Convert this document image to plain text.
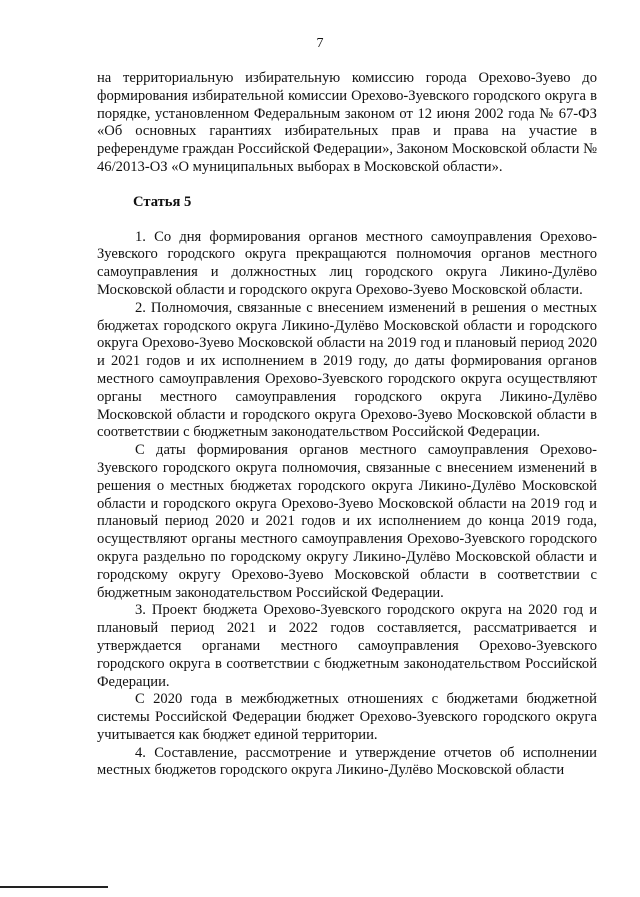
7

на территориальную избирательную комиссию города Орехово-Зуево до формирования избирательной комиссии Орехово-Зуевского городского округа в порядке, установленном Федеральным законом от 12 июня 2002 года № 67-ФЗ «Об основных гарантиях избирательных прав и права на участие в референдуме граждан Российской Федерации», Законом Московской области № 46/2013-ОЗ «О муниципальных выборах в Московской области».

Статья 5

1. Со дня формирования органов местного самоуправления Орехово-Зуевского городского округа прекращаются полномочия органов местного самоуправления и должностных лиц городского округа Ликино-Дулёво Московской области и городского округа Орехово-Зуево Московской области.

2. Полномочия, связанные с внесением изменений в решения о местных бюджетах городского округа Ликино-Дулёво Московской области и городского округа Орехово-Зуево Московской области на 2019 год и плановый период 2020 и 2021 годов и их исполнением в 2019 году, до даты формирования органов местного самоуправления Орехово-Зуевского городского округа осуществляют органы местного самоуправления городского округа Ликино-Дулёво Московской области и городского округа Орехово-Зуево Московской области в соответствии с бюджетным законодательством Российской Федерации.

С даты формирования органов местного самоуправления Орехово-Зуевского городского округа полномочия, связанные с внесением изменений в решения о местных бюджетах городского округа Ликино-Дулёво Московской области и городского округа Орехово-Зуево Московской области на 2019 год и плановый период 2020 и 2021 годов и их исполнением до конца 2019 года, осуществляют органы местного самоуправления Орехово-Зуевского городского округа раздельно по городскому округу Ликино-Дулёво Московской области и городскому округу Орехово-Зуево Московской области в соответствии с бюджетным законодательством Российской Федерации.

3. Проект бюджета Орехово-Зуевского городского округа на 2020 год и плановый период 2021 и 2022 годов составляется, рассматривается и утверждается органами местного самоуправления Орехово-Зуевского городского округа в соответствии с бюджетным законодательством Российской Федерации.

С 2020 года в межбюджетных отношениях с бюджетами бюджетной системы Российской Федерации бюджет Орехово-Зуевского городского округа учитывается как бюджет единой территории.

4. Составление, рассмотрение и утверждение отчетов об исполнении местных бюджетов городского округа Ликино-Дулёво Московской области
